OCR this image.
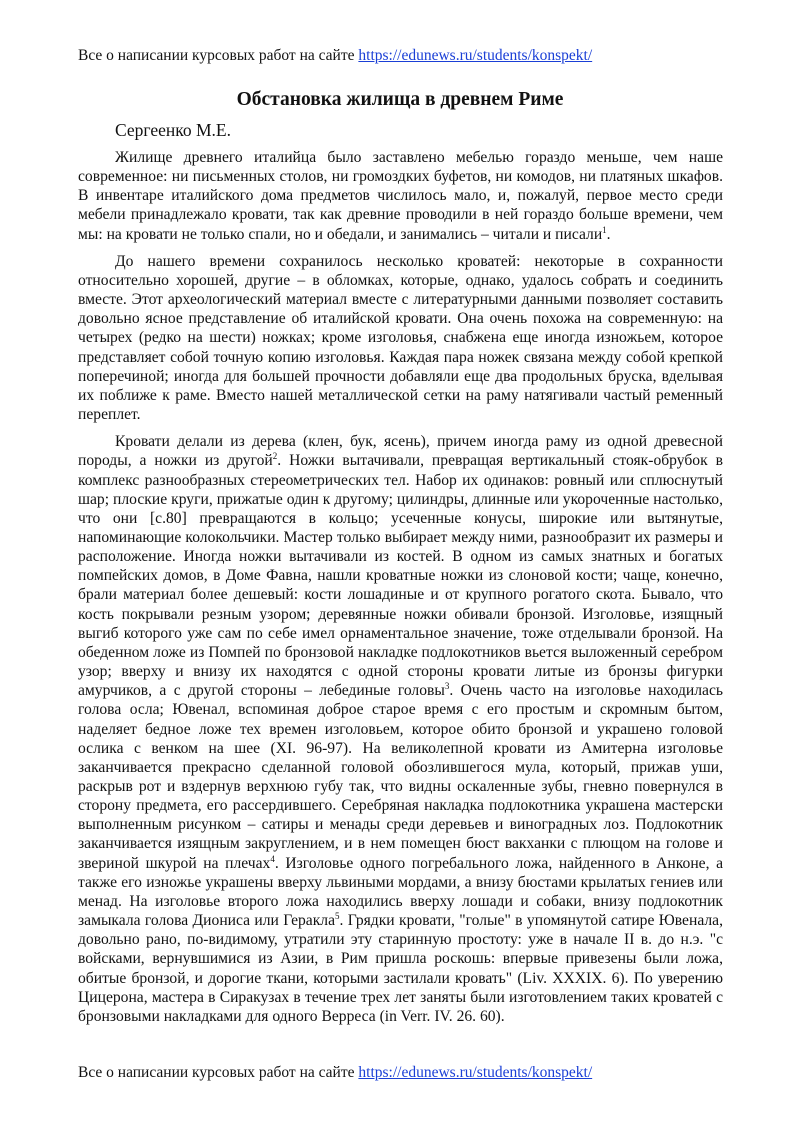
Все о написании курсовых работ на сайте https://edunews.ru/students/konspekt/
Обстановка жилища в древнем Риме
Сергеенко М.Е.

Жилище древнего италийца было заставлено мебелью гораздо меньше, чем наше современное: ни письменных столов, ни громоздких буфетов, ни комодов, ни платяных шкафов. В инвентаре италийского дома предметов числилось мало, и, пожалуй, первое место среди мебели принадлежало кровати, так как древние проводили в ней гораздо больше времени, чем мы: на кровати не только спали, но и обедали, и занимались – читали и писали$^1$.

До нашего времени сохранилось несколько кроватей: некоторые в сохранности относительно хорошей, другие – в обломках, которые, однако, удалось собрать и соединить вместе. Этот археологический материал вместе с литературными данными позволяет составить довольно ясное представление об италийской кровати. Она очень похожа на современную: на четырех (редко на шести) ножках; кроме изголовья, снабжена еще иногда изножьем, которое представляет собой точную копию изголовья. Каждая пара ножек связана между собой крепкой поперечиной; иногда для большей прочности добавляли еще два продольных бруска, вделывая их поближе к раме. Вместо нашей металлической сетки на раму натягивали частый ременный переплет.

Кровати делали из дерева (клен, бук, ясень), причем иногда раму из одной древесной породы, а ножки из другой$^2$. Ножки вытачивали, превращая вертикальный стояк-обрубок в комплекс разнообразных стереометрических тел. Набор их одинаков: ровный или сплюснутый шар; плоские круги, прижатые один к другому; цилиндры, длинные или укороченные настолько, что они [c.80] превращаются в кольцо; усеченные конусы, широкие или вытянутые, напоминающие колокольчики. Мастер только выбирает между ними, разнообразит их размеры и расположение. Иногда ножки вытачивали из костей. В одном из самых знатных и богатых помпейских домов, в Доме Фавна, нашли кроватные ножки из слоновой кости; чаще, конечно, брали материал более дешевый: кости лошадиные и от крупного рогатого скота. Бывало, что кость покрывали резным узором; деревянные ножки обивали бронзой. Изголовье, изящный выгиб которого уже сам по себе имел орнаментальное значение, тоже отделывали бронзой. На обеденном ложе из Помпей по бронзовой накладке подлокотников вьется выложенный серебром узор; вверху и внизу их находятся с одной стороны кровати литые из бронзы фигурки амурчиков, а с другой стороны – лебединые головы$^3$. Очень часто на изголовье находилась голова осла; Ювенал, вспоминая доброе старое время с его простым и скромным бытом, наделяет бедное ложе тех времен изголовьем, которое обито бронзой и украшено головой ослика с венком на шее (XI. 96-97). На великолепной кровати из Амитерна изголовье заканчивается прекрасно сделанной головой обозлившегося мула, который, прижав уши, раскрыв рот и вздернув верхнюю губу так, что видны оскаленные зубы, гневно повернулся в сторону предмета, его рассердившего. Серебряная накладка подлокотника украшена мастерски выполненным рисунком – сатиры и менады среди деревьев и виноградных лоз. Подлокотник заканчивается изящным закруглением, и в нем помещен бюст вакханки с плющом на голове и звериной шкурой на плечах$^4$. Изголовье одного погребального ложа, найденного в Анконе, а также его изножье украшены вверху львиными мордами, а внизу бюстами крылатых гениев или менад. На изголовье второго ложа находились вверху лошади и собаки, внизу подлокотник замыкала голова Диониса или Геракла$^5$. Грядки кровати, "голые" в упомянутой сатире Ювенала, довольно рано, по-видимому, утратили эту старинную простоту: уже в начале II в. до н.э. "с войсками, вернувшимися из Азии, в Рим пришла роскошь: впервые привезены были ложа, обитые бронзой, и дорогие ткани, которыми застилали кровать" (Liv. XXXIX. 6). По уверению Цицерона, мастера в Сиракузах в течение трех лет заняты были изготовлением таких кроватей с бронзовыми накладками для одного Верреса (in Verr. IV. 26. 60).

Все о написании курсовых работ на сайте https://edunews.ru/students/konspekt/
